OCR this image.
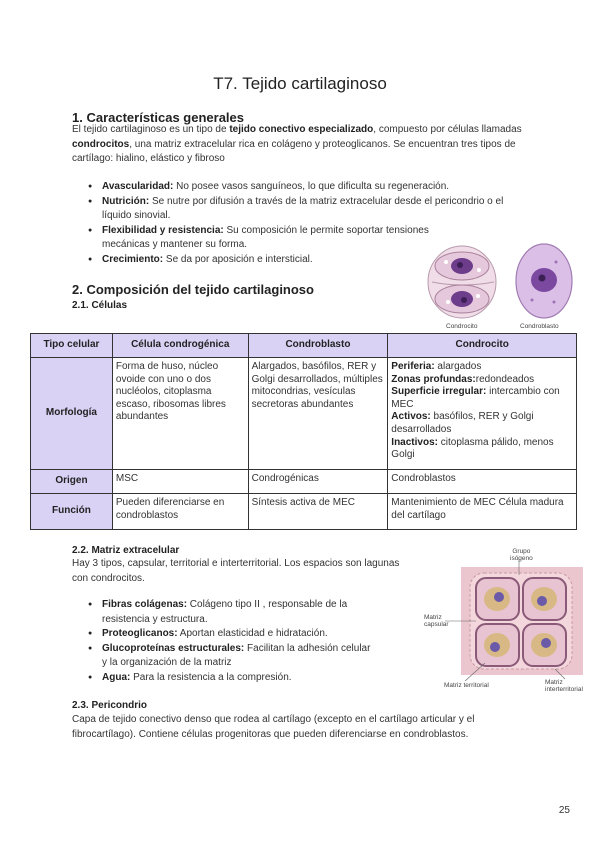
T7. Tejido cartilaginoso
1. Características generales
El tejido cartilaginoso es un tipo de tejido conectivo especializado, compuesto por células llamadas
condrocitos, una matriz extracelular rica en colágeno y proteoglicanos. Se encuentran tres tipos de
cartílago: hialino, elástico y fibroso
● Avascularidad: No posee vasos sanguíneos, lo que dificulta su regeneración.
● Nutrición: Se nutre por difusión a través de la matriz extracelular desde el pericondrio o el
líquido sinovial.
● Flexibilidad y resistencia: Su composición le permite soportar tensiones
mecánicas y mantener su forma.
● Crecimiento: Se da por aposición e intersticial.
Condrocito	Condroblasto
2. Composición del tejido cartilaginoso
2.1. Células
Tipo celular	Célula condrogénica	Condroblasto	Condrocito
Morfología	Forma de huso, núcleo ovoide con uno o dos nucléolos, citoplasma escaso, ribosomas libres abundantes	Alargados, basófilos, RER y Golgi desarrollados, múltiples mitocondrias, vesículas secretoras abundantes	Periferia: alargados
Zonas profundas:redondeados
Superficie irregular: intercambio con MEC
Activos: basófilos, RER y Golgi desarrollados
Inactivos: citoplasma pálido, menos Golgi
Origen	MSC	Condrogénicas	Condroblastos
Función	Pueden diferenciarse en condroblastos	Síntesis activa de MEC	Mantenimiento de MEC Célula madura del cartílago
2.2. Matriz extracelular
Hay 3 tipos, capsular, territorial e interterritorial. Los espacios son lagunas con condrocitos.
● Fibras colágenas: Colágeno tipo II , responsable de la
resistencia y estructura.
● Proteoglicanos: Aportan elasticidad e hidratación.
● Glucoproteínas estructurales: Facilitan la adhesión celular
y la organización de la matriz
● Agua: Para la resistencia a la compresión.
Grupo
isógeno
Matriz
capsular
Matriz territorial	Matriz
interterritorial
2.3. Pericondrio
Capa de tejido conectivo denso que rodea al cartílago (excepto en el cartílago articular y el
fibrocartílago). Contiene células progenitoras que pueden diferenciarse en condroblastos.
25
